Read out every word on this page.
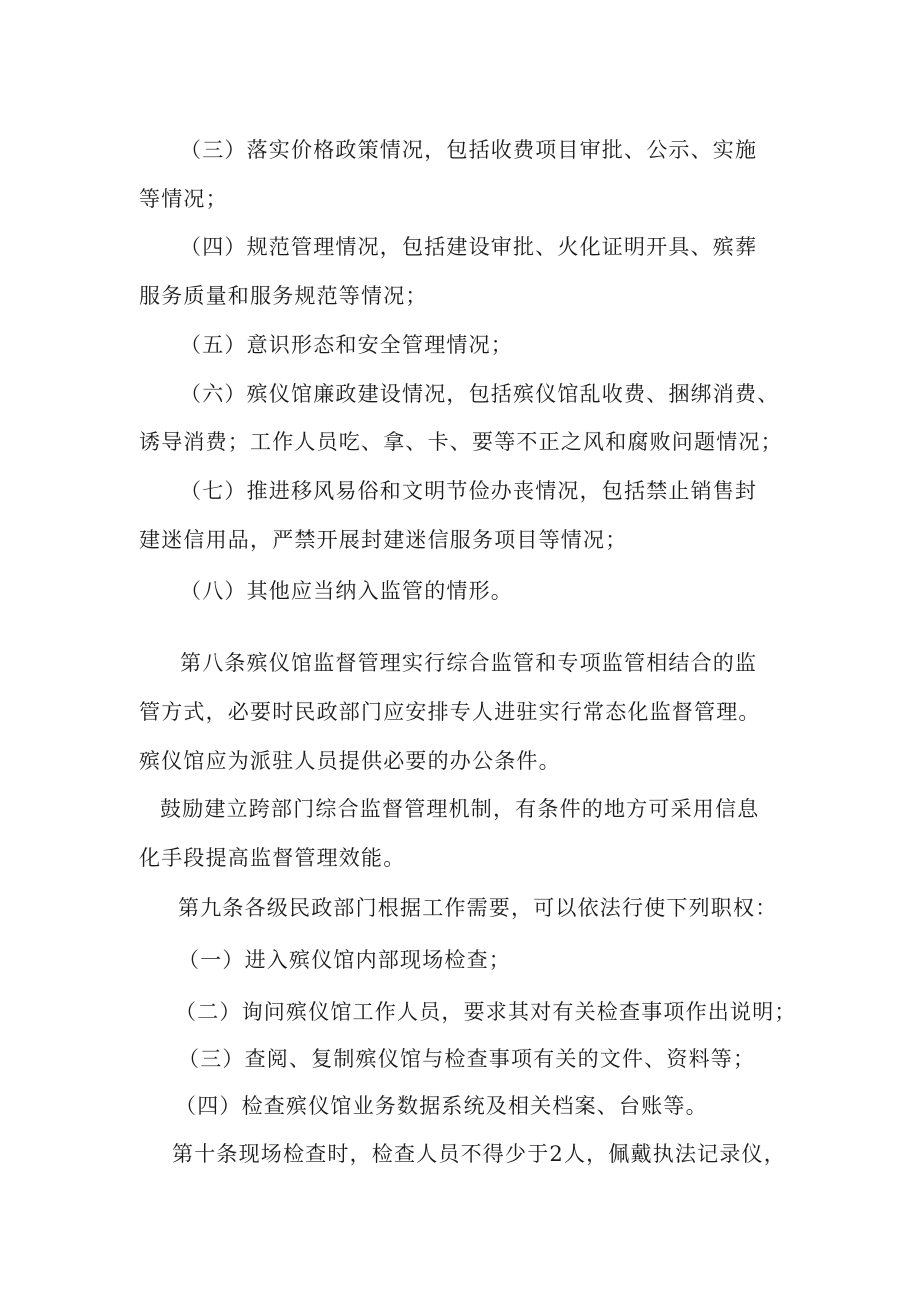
（三）落实价格政策情况，包括收费项目审批、公示、实施
等情况；
（四）规范管理情况，包括建设审批、火化证明开具、殡葬
服务质量和服务规范等情况；
（五）意识形态和安全管理情况；
（六）殡仪馆廉政建设情况，包括殡仪馆乱收费、捆绑消费、
诱导消费；工作人员吃、拿、卡、要等不正之风和腐败问题情况；
（七）推进移风易俗和文明节俭办丧情况，包括禁止销售封
建迷信用品，严禁开展封建迷信服务项目等情况；
（八）其他应当纳入监管的情形。
第八条殡仪馆监督管理实行综合监管和专项监管相结合的监
管方式，必要时民政部门应安排专人进驻实行常态化监督管理。
殡仪馆应为派驻人员提供必要的办公条件。
鼓励建立跨部门综合监督管理机制，有条件的地方可采用信息
化手段提高监督管理效能。
第九条各级民政部门根据工作需要，可以依法行使下列职权：
（一）进入殡仪馆内部现场检查；
（二）询问殡仪馆工作人员，要求其对有关检查事项作出说明；
（三）查阅、复制殡仪馆与检查事项有关的文件、资料等；
（四）检查殡仪馆业务数据系统及相关档案、台账等。
第十条现场检查时，检查人员不得少于2人，佩戴执法记录仪，
